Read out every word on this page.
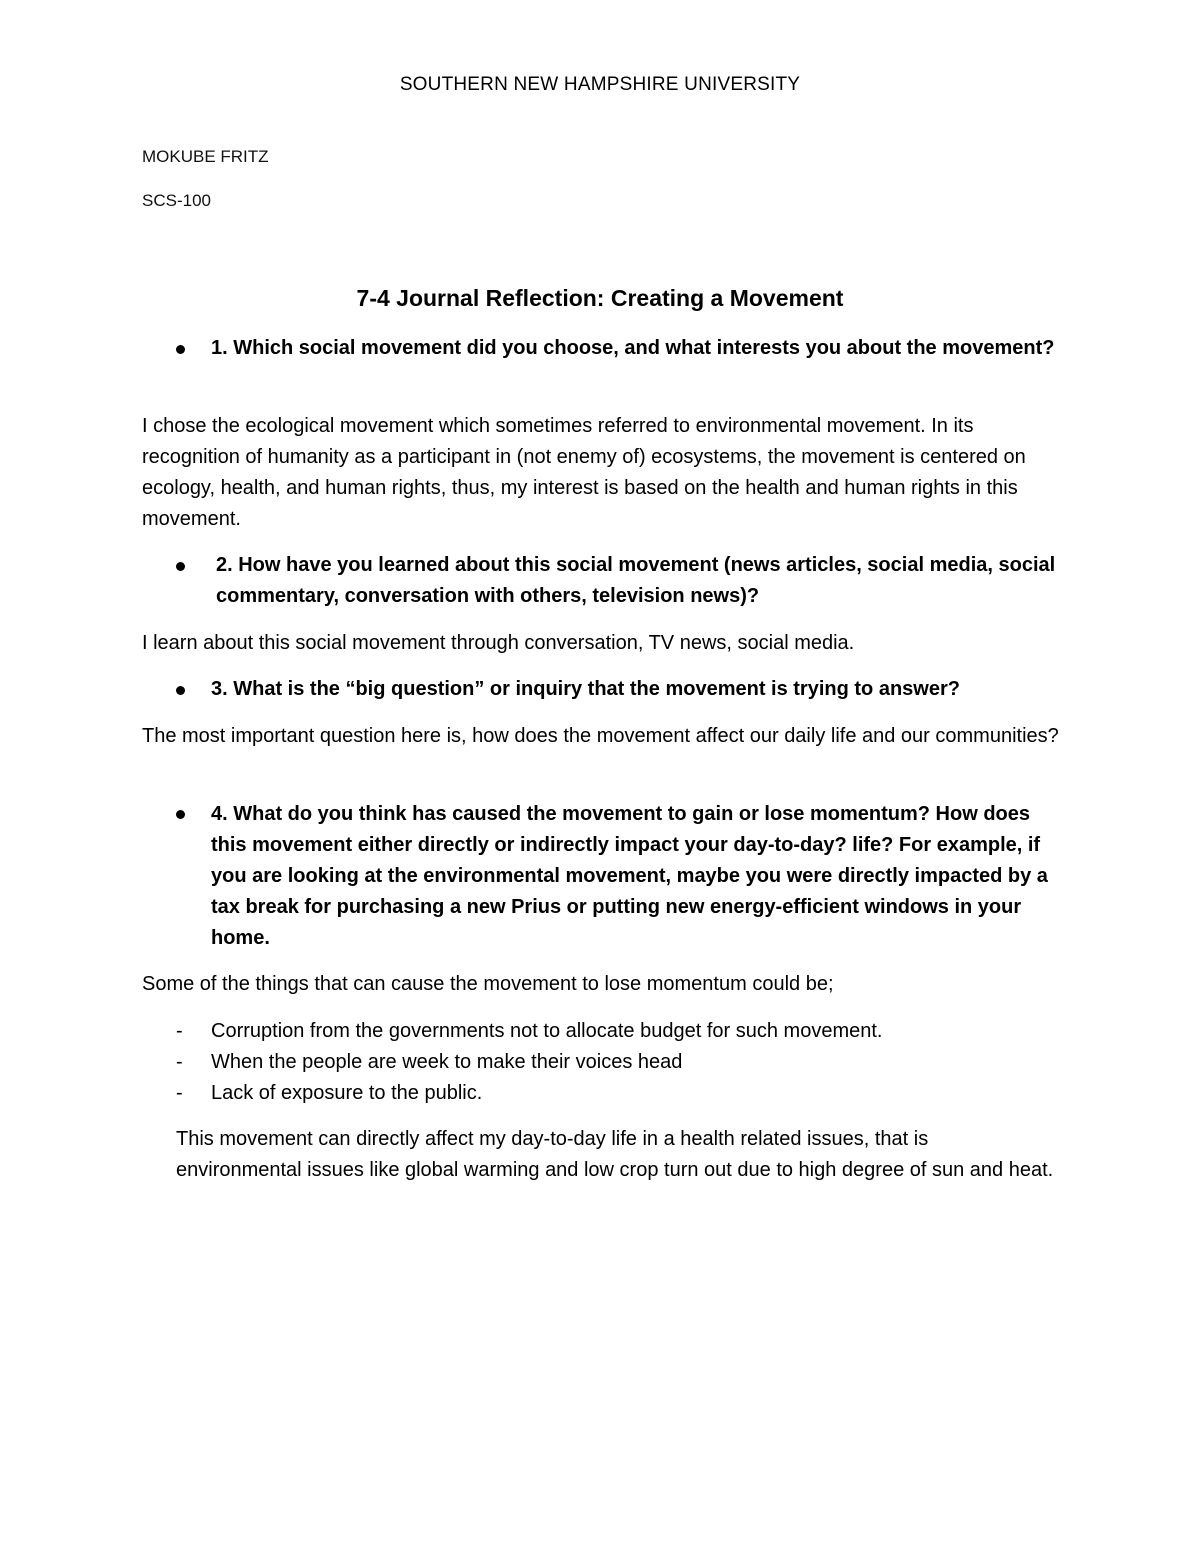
SOUTHERN NEW HAMPSHIRE UNIVERSITY

MOKUBE FRITZ

SCS-100

7-4 Journal Reflection: Creating a Movement

1. Which social movement did you choose, and what interests you about the movement?

I chose the ecological movement which sometimes referred to environmental movement. In its recognition of humanity as a participant in (not enemy of) ecosystems, the movement is centered on ecology, health, and human rights, thus, my interest is based on the health and human rights in this movement.

2. How have you learned about this social movement (news articles, social media, social commentary, conversation with others, television news)?

I learn about this social movement through conversation, TV news, social media.

3. What is the “big question” or inquiry that the movement is trying to answer?

The most important question here is, how does the movement affect our daily life and our communities?

4. What do you think has caused the movement to gain or lose momentum? How does this movement either directly or indirectly impact your day-to-day? life? For example, if you are looking at the environmental movement, maybe you were directly impacted by a tax break for purchasing a new Prius or putting new energy-efficient windows in your home.

Some of the things that can cause the movement to lose momentum could be;

- Corruption from the governments not to allocate budget for such movement.
- When the people are week to make their voices head
- Lack of exposure to the public.

This movement can directly affect my day-to-day life in a health related issues, that is environmental issues like global warming and low crop turn out due to high degree of sun and heat.
